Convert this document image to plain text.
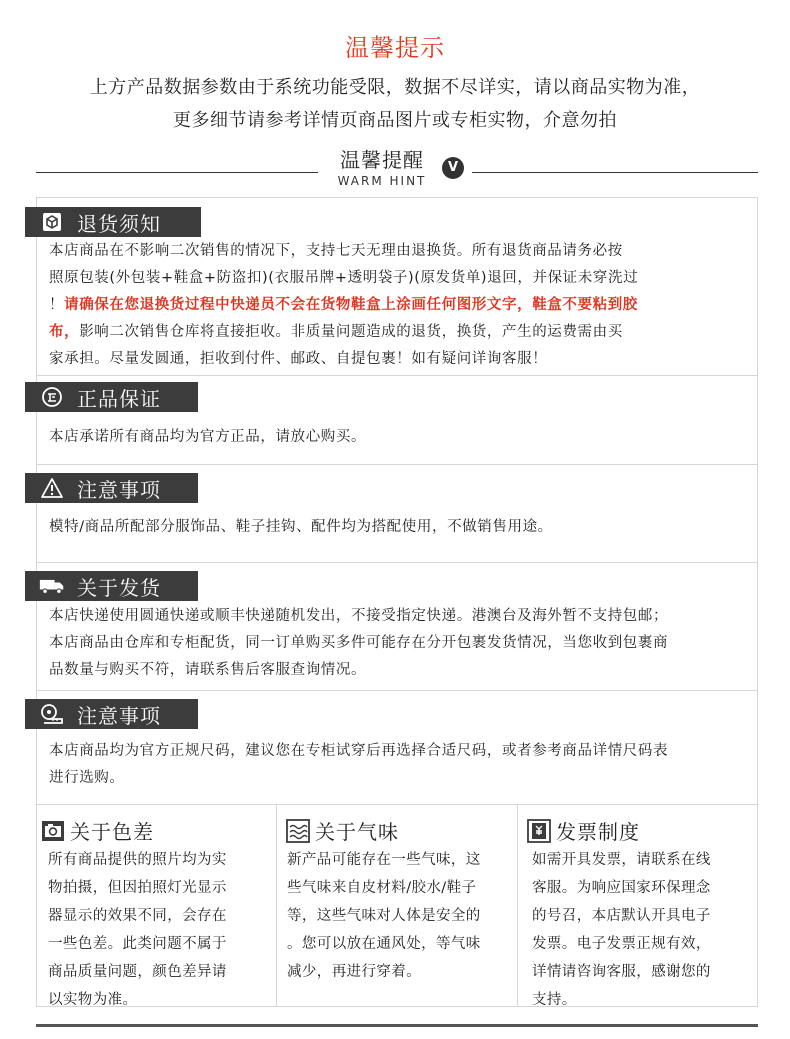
温馨提示
上方产品数据参数由于系统功能受限，数据不尽详实，请以商品实物为准，
更多细节请参考详情页商品图片或专柜实物，介意勿拍
温馨提醒
WARM HINT
V
退货须知
本店商品在不影响二次销售的情况下，支持七天无理由退换货。所有退货商品请务必按
照原包装(外包装+鞋盒+防盗扣)(衣服吊牌+透明袋子)(原发货单)退回，并保证未穿洗过
！请确保在您退换货过程中快递员不会在货物鞋盒上涂画任何图形文字，鞋盒不要粘到胶
布，影响二次销售仓库将直接拒收。非质量问题造成的退货，换货，产生的运费需由买
家承担。尽量发圆通，拒收到付件、邮政、自提包裹！如有疑问详询客服！
正品保证
本店承诺所有商品均为官方正品，请放心购买。
注意事项
模特/商品所配部分服饰品、鞋子挂钩、配件均为搭配使用，不做销售用途。
关于发货
本店快递使用圆通快递或顺丰快递随机发出，不接受指定快递。港澳台及海外暂不支持包邮；
本店商品由仓库和专柜配货，同一订单购买多件可能存在分开包裹发货情况，当您收到包裹商
品数量与购买不符，请联系售后客服查询情况。
注意事项
本店商品均为官方正规尺码，建议您在专柜试穿后再选择合适尺码，或者参考商品详情尺码表
进行选购。
关于色差
所有商品提供的照片均为实
物拍摄，但因拍照灯光显示
器显示的效果不同，会存在
一些色差。此类问题不属于
商品质量问题，颜色差异请
以实物为准。
关于气味
新产品可能存在一些气味，这
些气味来自皮材料/胶水/鞋子
等，这些气味对人体是安全的
。您可以放在通风处，等气味
减少，再进行穿着。
发票制度
如需开具发票，请联系在线
客服。为响应国家环保理念
的号召，本店默认开具电子
发票。电子发票正规有效，
详情请咨询客服，感谢您的
支持。
